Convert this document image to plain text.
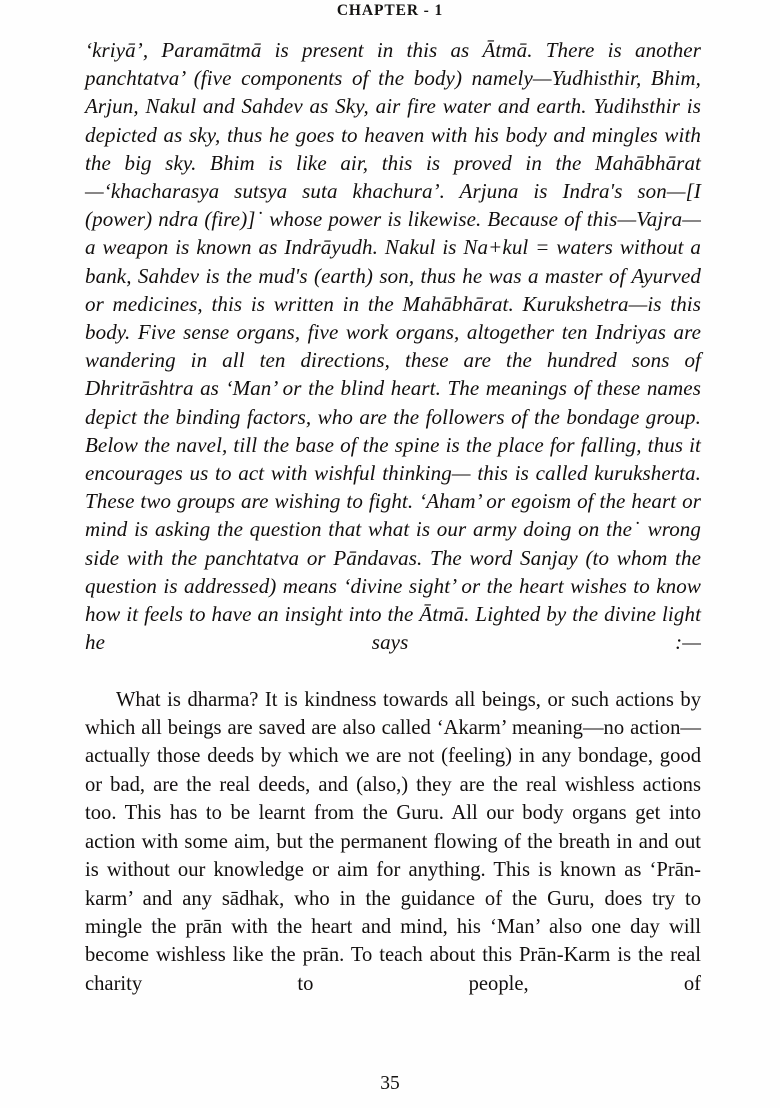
CHAPTER - 1

‘kriyā’, Paramātmā is present in this as Ātmā. There is another panchtatva’ (five components of the body) namely—Yudhisthir, Bhim, Arjun, Nakul and Sahdev as Sky, air fire water and earth. Yudihsthir is depicted as sky, thus he goes to heaven with his body and mingles with the big sky. Bhim is like air, this is proved in the Mahābhārat—‘khacharasya sutsya suta khachura’. Arjuna is Indra's son—[I (power) ndra (fire)]˙ whose power is likewise. Because of this—Vajra—a weapon is known as Indrāyudh. Nakul is Na+kul = waters without a bank, Sahdev is the mud's (earth) son, thus he was a master of Ayurved or medicines, this is written in the Mahābhārat. Kurukshetra—is this body. Five sense organs, five work organs, altogether ten Indriyas are wandering in all ten directions, these are the hundred sons of Dhritrāshtra as ‘Man’ or the blind heart. The meanings of these names depict the binding factors, who are the followers of the bondage group. Below the navel, till the base of the spine is the place for falling, thus it encourages us to act with wishful thinking— this is called kuruksherta. These two groups are wishing to fight. ‘Aham’ or egoism of the heart or mind is asking the question that what is our army doing on the˙ wrong side with the panchtatva or Pāndavas. The word Sanjay (to whom the question is addressed) means ‘divine sight’ or the heart wishes to know how it feels to have an insight into the Ātmā. Lighted by the divine light he says :—

What is dharma? It is kindness towards all beings, or such actions by which all beings are saved are also called ‘Akarm’ meaning—no action—actually those deeds by which we are not (feeling) in any bondage, good or bad, are the real deeds, and (also,) they are the real wishless actions too. This has to be learnt from the Guru. All our body organs get into action with some aim, but the permanent flowing of the breath in and out is without our knowledge or aim for anything. This is known as ‘Prān-karm’ and any sādhak, who in the guidance of the Guru, does try to mingle the prān with the heart and mind, his ‘Man’ also one day will become wishless like the prān. To teach about this Prān-Karm is the real charity to people, of

35
